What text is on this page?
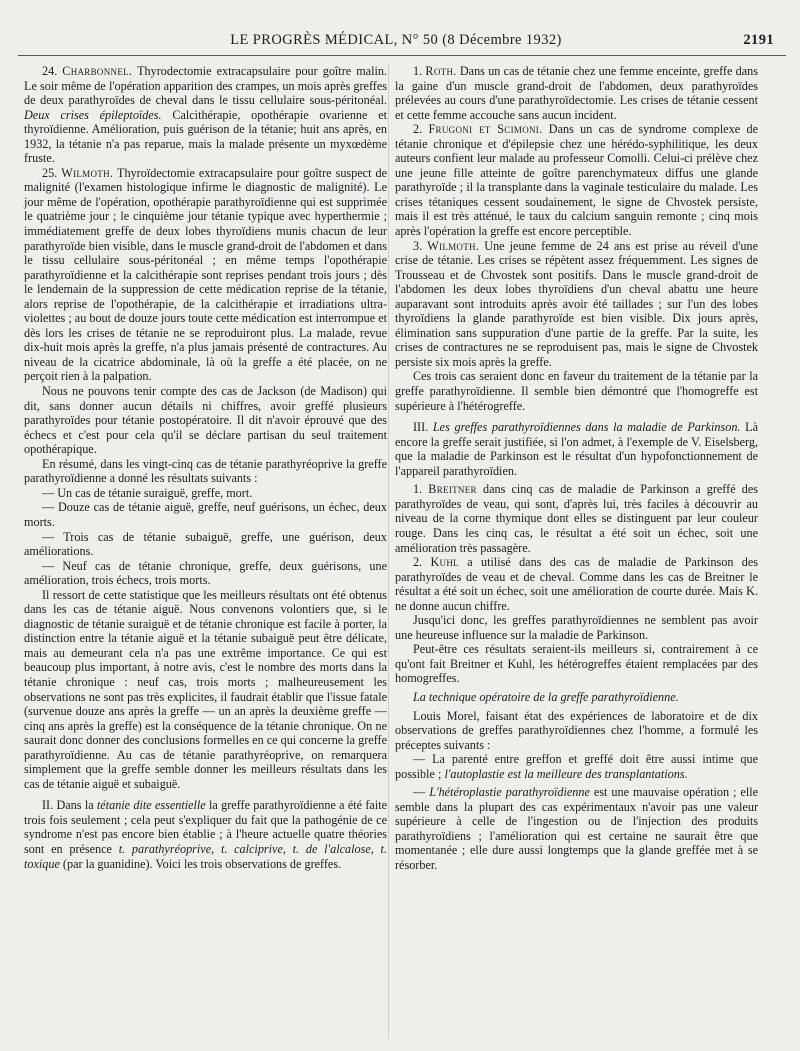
LE PROGRÈS MÉDICAL, N° 50 (8 Décembre 1932)	2191

24. Charbonnel. Thyrodectomie extracapsulaire pour goître malin. Le soir même de l'opération apparition des crampes, un mois après greffes de deux parathyroïdes de cheval dans le tissu cellulaire sous-péritonéal. Deux crises épileptoïdes. Calcithérapie, opothérapie ovarienne et thyroïdienne. Amélioration, puis guérison de la tétanie; huit ans après, en 1932, la tétanie n'a pas reparue, mais la malade présente un myxœdème fruste.

25. Wilmoth. Thyroïdectomie extracapsulaire pour goître suspect de malignité (l'examen histologique infirme le diagnostic de malignité). Le jour même de l'opération, opothérapie parathyroïdienne qui est supprimée le quatrième jour ; le cinquième jour tétanie typique avec hyperthermie ; immédiatement greffe de deux lobes thyroïdiens munis chacun de leur parathyroïde bien visible, dans le muscle grand-droit de l'abdomen et dans le tissu cellulaire sous-péritonéal ; en même temps l'opothérapie parathyroïdienne et la calcithérapie sont reprises pendant trois jours ; dès le lendemain de la suppression de cette médication reprise de la tétanie, alors reprise de l'opothérapie, de la calcithérapie et irradiations ultra-violettes ; au bout de douze jours toute cette médication est interrompue et dès lors les crises de tétanie ne se reproduiront plus. La malade, revue dix-huit mois après la greffe, n'a plus jamais présenté de contractures. Au niveau de la cicatrice abdominale, là où la greffe a été placée, on ne perçoit rien à la palpation.

Nous ne pouvons tenir compte des cas de Jackson (de Madison) qui dit, sans donner aucun détails ni chiffres, avoir greffé plusieurs parathyroïdes pour tétanie postopératoire. Il dit n'avoir éprouvé que des échecs et c'est pour cela qu'il se déclare partisan du seul traitement opothérapique.

En résumé, dans les vingt-cinq cas de tétanie parathyréoprive la greffe parathyroïdienne a donné les résultats suivants :

— Un cas de tétanie suraiguë, greffe, mort.

— Douze cas de tétanie aiguë, greffe, neuf guérisons, un échec, deux morts.

— Trois cas de tétanie subaiguë, greffe, une guérison, deux améliorations.

— Neuf cas de tétanie chronique, greffe, deux guérisons, une amélioration, trois échecs, trois morts.

Il ressort de cette statistique que les meilleurs résultats ont été obtenus dans les cas de tétanie aiguë. Nous convenons volontiers que, si le diagnostic de tétanie suraiguë et de tétanie chronique est facile à porter, la distinction entre la tétanie aiguë et la tétanie subaiguë peut être délicate, mais au demeurant cela n'a pas une extrême importance. Ce qui est beaucoup plus important, à notre avis, c'est le nombre des morts dans la tétanie chronique : neuf cas, trois morts ; malheureusement les observations ne sont pas très explicites, il faudrait établir que l'issue fatale (survenue douze ans après la greffe — un an après la deuxième greffe — cinq ans après la greffe) est la conséquence de la tétanie chronique. On ne saurait donc donner des conclusions formelles en ce qui concerne la greffe parathyroïdienne. Au cas de tétanie parathyréoprive, on remarquera simplement que la greffe semble donner les meilleurs résultats dans les cas de tétanie aiguë et subaiguë.

II. Dans la tétanie dite essentielle la greffe parathyroïdienne a été faite trois fois seulement ; cela peut s'expliquer du fait que la pathogénie de ce syndrome n'est pas encore bien établie ; à l'heure actuelle quatre théories sont en présence t. parathyréoprive, t. calciprive, t. de l'alcalose, t. toxique (par la guanidine). Voici les trois observations de greffes.

1. Roth. Dans un cas de tétanie chez une femme enceinte, greffe dans la gaine d'un muscle grand-droit de l'abdomen, deux parathyroïdes prélevées au cours d'une parathyroïdectomie. Les crises de tétanie cessent et cette femme accouche sans aucun incident.

2. Frugoni et Scimoni. Dans un cas de syndrome complexe de tétanie chronique et d'épilepsie chez une hérédo-syphilitique, les deux auteurs confient leur malade au professeur Comolli. Celui-ci prélève chez une jeune fille atteinte de goître parenchymateux diffus une glande parathyroïde ; il la transplante dans la vaginale testiculaire du malade. Les crises tétaniques cessent soudainement, le signe de Chvostek persiste, mais il est très atténué, le taux du calcium sanguin remonte ; cinq mois après l'opération la greffe est encore perceptible.

3. Wilmoth. Une jeune femme de 24 ans est prise au réveil d'une crise de tétanie. Les crises se répètent assez fréquemment. Les signes de Trousseau et de Chvostek sont positifs. Dans le muscle grand-droit de l'abdomen les deux lobes thyroïdiens d'un cheval abattu une heure auparavant sont introduits après avoir été taillades ; sur l'un des lobes thyroïdiens la glande parathyroïde est bien visible. Dix jours après, élimination sans suppuration d'une partie de la greffe. Par la suite, les crises de contractures ne se reproduisent pas, mais le signe de Chvostek persiste six mois après la greffe.

Ces trois cas seraient donc en faveur du traitement de la tétanie par la greffe parathyroïdienne. Il semble bien démontré que l'homogreffe est supérieure à l'hétérogreffe.

III. Les greffes parathyroïdiennes dans la maladie de Parkinson. Là encore la greffe serait justifiée, si l'on admet, à l'exemple de V. Eiselsberg, que la maladie de Parkinson est le résultat d'un hypofonctionnement de l'appareil parathyroïdien.

1. Breitner dans cinq cas de maladie de Parkinson a greffé des parathyroïdes de veau, qui sont, d'après lui, très faciles à découvrir au niveau de la corne thymique dont elles se distinguent par leur couleur rouge. Dans les cinq cas, le résultat a été soit un échec, soit une amélioration très passagère.

2. Kuhl a utilisé dans des cas de maladie de Parkinson des parathyroïdes de veau et de cheval. Comme dans les cas de Breitner le résultat a été soit un échec, soit une amélioration de courte durée. Mais K. ne donne aucun chiffre.

Jusqu'ici donc, les greffes parathyroïdiennes ne semblent pas avoir une heureuse influence sur la maladie de Parkinson.

Peut-être ces résultats seraient-ils meilleurs si, contrairement à ce qu'ont fait Breitner et Kuhl, les hétérogreffes étaient remplacées par des homogreffes.

La technique opératoire de la greffe parathyroïdienne.

Louis Morel, faisant état des expériences de laboratoire et de dix observations de greffes parathyroïdiennes chez l'homme, a formulé les préceptes suivants :

— La parenté entre greffon et greffé doit être aussi intime que possible ; l'autoplastie est la meilleure des transplantations.

— L'hétéroplastie parathyroïdienne est une mauvaise opération ; elle semble dans la plupart des cas expérimentaux n'avoir pas une valeur supérieure à celle de l'ingestion ou de l'injection des produits parathyroïdiens ; l'amélioration qui est certaine ne saurait être que momentanée ; elle dure aussi longtemps que la glande greffée met à se résorber.
